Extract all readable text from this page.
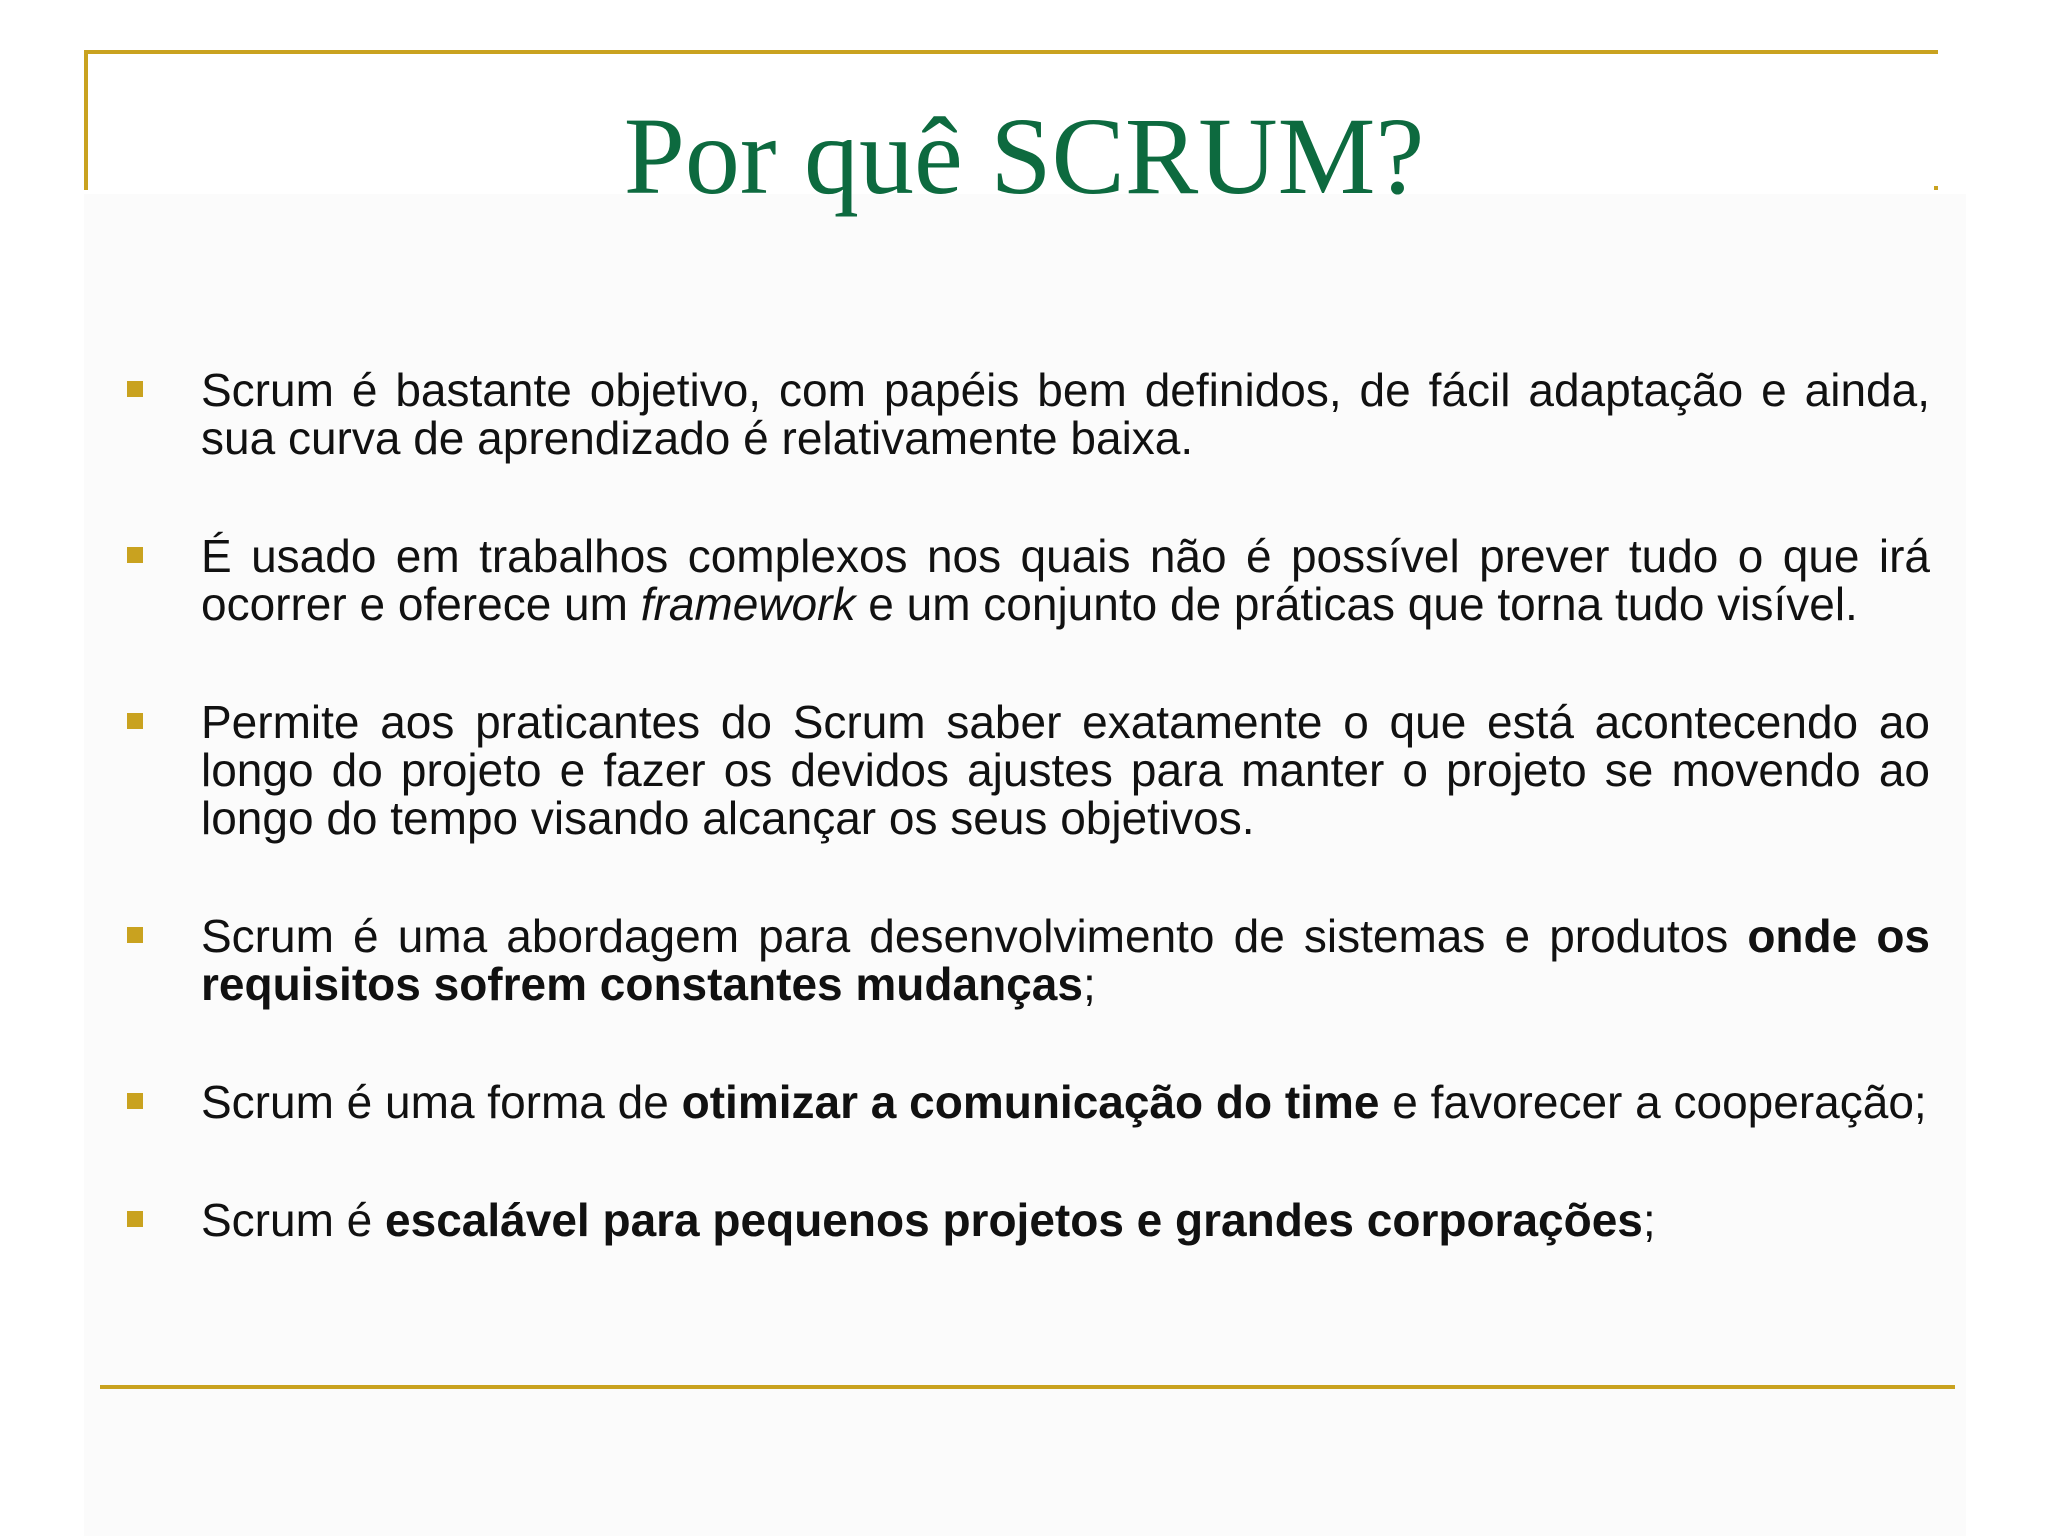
Por quê SCRUM?
Scrum é bastante objetivo, com papéis bem definidos, de fácil adaptação e ainda, sua curva de aprendizado é relativamente baixa.
É usado em trabalhos complexos nos quais não é possível prever tudo o que irá ocorrer e oferece um framework e um conjunto de práticas que torna tudo visível.
Permite aos praticantes do Scrum saber exatamente o que está acontecendo ao longo do projeto e fazer os devidos ajustes para manter o projeto se movendo ao longo do tempo visando alcançar os seus objetivos.
Scrum é uma abordagem para desenvolvimento de sistemas e produtos onde os requisitos sofrem constantes mudanças;
Scrum é uma forma de otimizar a comunicação do time e favorecer a cooperação;
Scrum é escalável para pequenos projetos e grandes corporações;
